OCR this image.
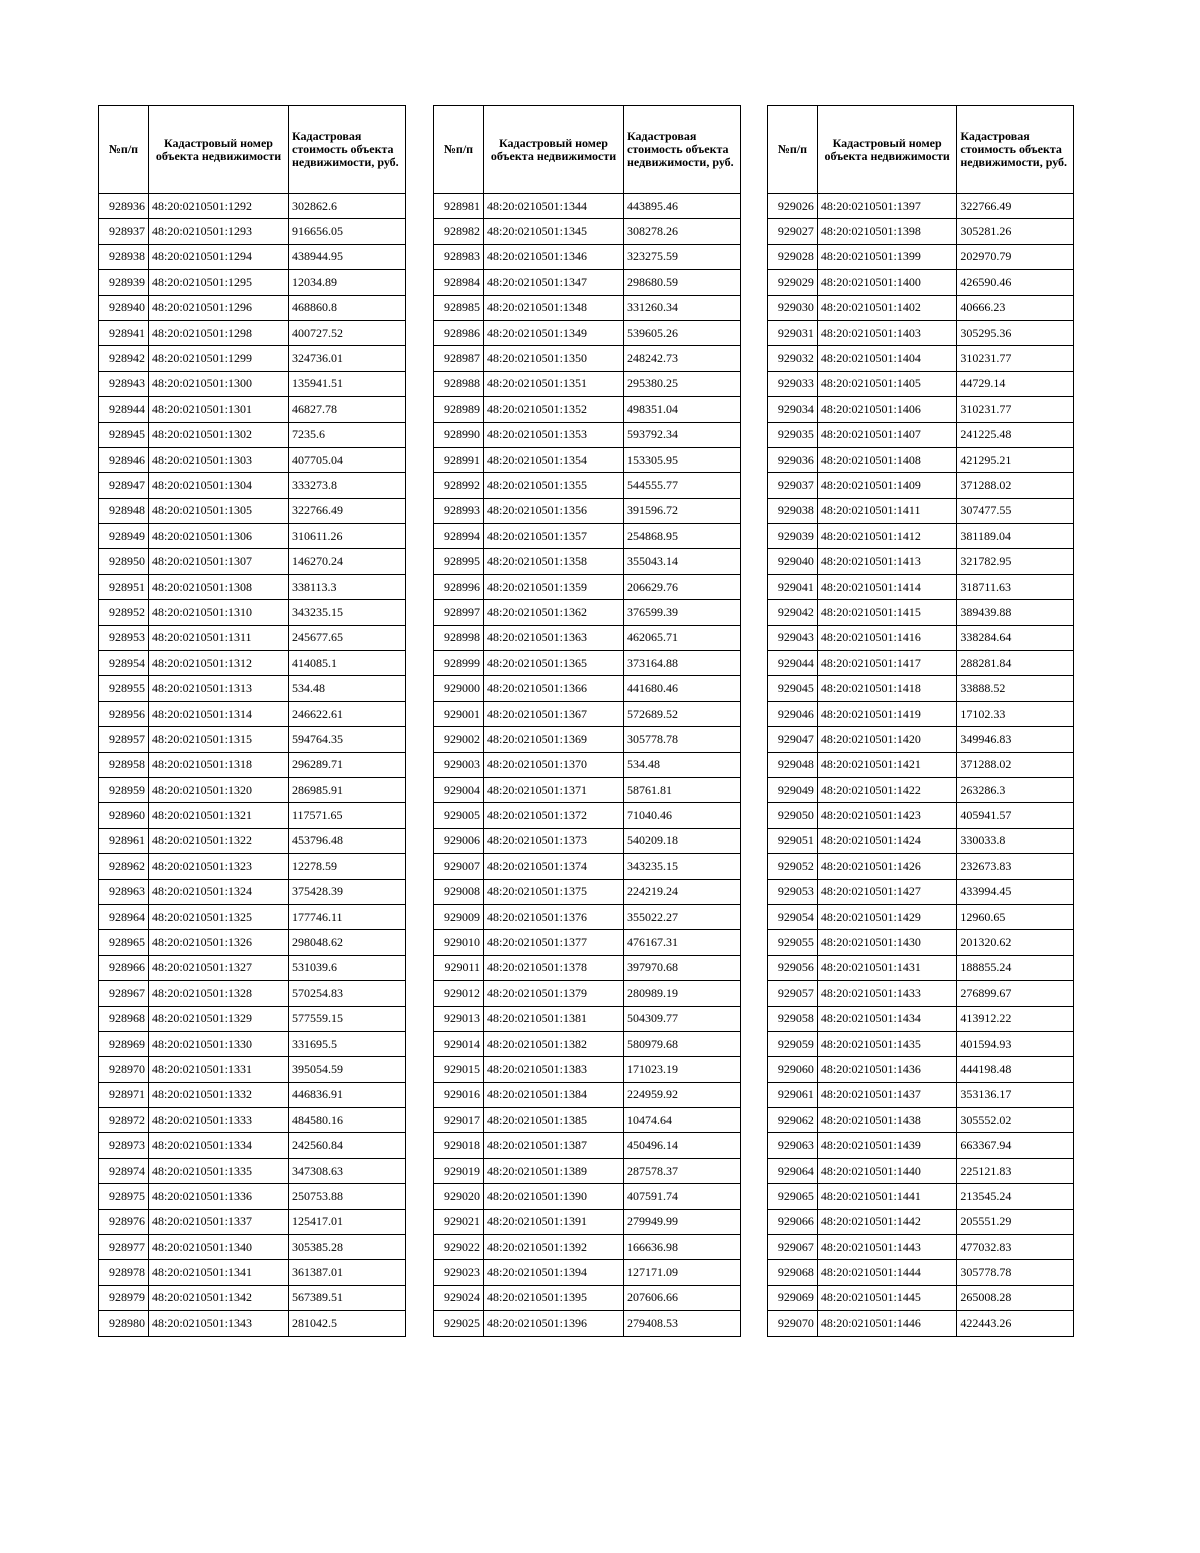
№п/п	Кадастровый номер объекта недвижимости	Кадастровая стоимость объекта недвижимости, руб.
928936	48:20:0210501:1292	302862.6
928937	48:20:0210501:1293	916656.05
928938	48:20:0210501:1294	438944.95
928939	48:20:0210501:1295	12034.89
928940	48:20:0210501:1296	468860.8
928941	48:20:0210501:1298	400727.52
928942	48:20:0210501:1299	324736.01
928943	48:20:0210501:1300	135941.51
928944	48:20:0210501:1301	46827.78
928945	48:20:0210501:1302	7235.6
928946	48:20:0210501:1303	407705.04
928947	48:20:0210501:1304	333273.8
928948	48:20:0210501:1305	322766.49
928949	48:20:0210501:1306	310611.26
928950	48:20:0210501:1307	146270.24
928951	48:20:0210501:1308	338113.3
928952	48:20:0210501:1310	343235.15
928953	48:20:0210501:1311	245677.65
928954	48:20:0210501:1312	414085.1
928955	48:20:0210501:1313	534.48
928956	48:20:0210501:1314	246622.61
928957	48:20:0210501:1315	594764.35
928958	48:20:0210501:1318	296289.71
928959	48:20:0210501:1320	286985.91
928960	48:20:0210501:1321	117571.65
928961	48:20:0210501:1322	453796.48
928962	48:20:0210501:1323	12278.59
928963	48:20:0210501:1324	375428.39
928964	48:20:0210501:1325	177746.11
928965	48:20:0210501:1326	298048.62
928966	48:20:0210501:1327	531039.6
928967	48:20:0210501:1328	570254.83
928968	48:20:0210501:1329	577559.15
928969	48:20:0210501:1330	331695.5
928970	48:20:0210501:1331	395054.59
928971	48:20:0210501:1332	446836.91
928972	48:20:0210501:1333	484580.16
928973	48:20:0210501:1334	242560.84
928974	48:20:0210501:1335	347308.63
928975	48:20:0210501:1336	250753.88
928976	48:20:0210501:1337	125417.01
928977	48:20:0210501:1340	305385.28
928978	48:20:0210501:1341	361387.01
928979	48:20:0210501:1342	567389.51
928980	48:20:0210501:1343	281042.5
№п/п	Кадастровый номер объекта недвижимости	Кадастровая стоимость объекта недвижимости, руб.
928981	48:20:0210501:1344	443895.46
928982	48:20:0210501:1345	308278.26
928983	48:20:0210501:1346	323275.59
928984	48:20:0210501:1347	298680.59
928985	48:20:0210501:1348	331260.34
928986	48:20:0210501:1349	539605.26
928987	48:20:0210501:1350	248242.73
928988	48:20:0210501:1351	295380.25
928989	48:20:0210501:1352	498351.04
928990	48:20:0210501:1353	593792.34
928991	48:20:0210501:1354	153305.95
928992	48:20:0210501:1355	544555.77
928993	48:20:0210501:1356	391596.72
928994	48:20:0210501:1357	254868.95
928995	48:20:0210501:1358	355043.14
928996	48:20:0210501:1359	206629.76
928997	48:20:0210501:1362	376599.39
928998	48:20:0210501:1363	462065.71
928999	48:20:0210501:1365	373164.88
929000	48:20:0210501:1366	441680.46
929001	48:20:0210501:1367	572689.52
929002	48:20:0210501:1369	305778.78
929003	48:20:0210501:1370	534.48
929004	48:20:0210501:1371	58761.81
929005	48:20:0210501:1372	71040.46
929006	48:20:0210501:1373	540209.18
929007	48:20:0210501:1374	343235.15
929008	48:20:0210501:1375	224219.24
929009	48:20:0210501:1376	355022.27
929010	48:20:0210501:1377	476167.31
929011	48:20:0210501:1378	397970.68
929012	48:20:0210501:1379	280989.19
929013	48:20:0210501:1381	504309.77
929014	48:20:0210501:1382	580979.68
929015	48:20:0210501:1383	171023.19
929016	48:20:0210501:1384	224959.92
929017	48:20:0210501:1385	10474.64
929018	48:20:0210501:1387	450496.14
929019	48:20:0210501:1389	287578.37
929020	48:20:0210501:1390	407591.74
929021	48:20:0210501:1391	279949.99
929022	48:20:0210501:1392	166636.98
929023	48:20:0210501:1394	127171.09
929024	48:20:0210501:1395	207606.66
929025	48:20:0210501:1396	279408.53
№п/п	Кадастровый номер объекта недвижимости	Кадастровая стоимость объекта недвижимости, руб.
929026	48:20:0210501:1397	322766.49
929027	48:20:0210501:1398	305281.26
929028	48:20:0210501:1399	202970.79
929029	48:20:0210501:1400	426590.46
929030	48:20:0210501:1402	40666.23
929031	48:20:0210501:1403	305295.36
929032	48:20:0210501:1404	310231.77
929033	48:20:0210501:1405	44729.14
929034	48:20:0210501:1406	310231.77
929035	48:20:0210501:1407	241225.48
929036	48:20:0210501:1408	421295.21
929037	48:20:0210501:1409	371288.02
929038	48:20:0210501:1411	307477.55
929039	48:20:0210501:1412	381189.04
929040	48:20:0210501:1413	321782.95
929041	48:20:0210501:1414	318711.63
929042	48:20:0210501:1415	389439.88
929043	48:20:0210501:1416	338284.64
929044	48:20:0210501:1417	288281.84
929045	48:20:0210501:1418	33888.52
929046	48:20:0210501:1419	17102.33
929047	48:20:0210501:1420	349946.83
929048	48:20:0210501:1421	371288.02
929049	48:20:0210501:1422	263286.3
929050	48:20:0210501:1423	405941.57
929051	48:20:0210501:1424	330033.8
929052	48:20:0210501:1426	232673.83
929053	48:20:0210501:1427	433994.45
929054	48:20:0210501:1429	12960.65
929055	48:20:0210501:1430	201320.62
929056	48:20:0210501:1431	188855.24
929057	48:20:0210501:1433	276899.67
929058	48:20:0210501:1434	413912.22
929059	48:20:0210501:1435	401594.93
929060	48:20:0210501:1436	444198.48
929061	48:20:0210501:1437	353136.17
929062	48:20:0210501:1438	305552.02
929063	48:20:0210501:1439	663367.94
929064	48:20:0210501:1440	225121.83
929065	48:20:0210501:1441	213545.24
929066	48:20:0210501:1442	205551.29
929067	48:20:0210501:1443	477032.83
929068	48:20:0210501:1444	305778.78
929069	48:20:0210501:1445	265008.28
929070	48:20:0210501:1446	422443.26
